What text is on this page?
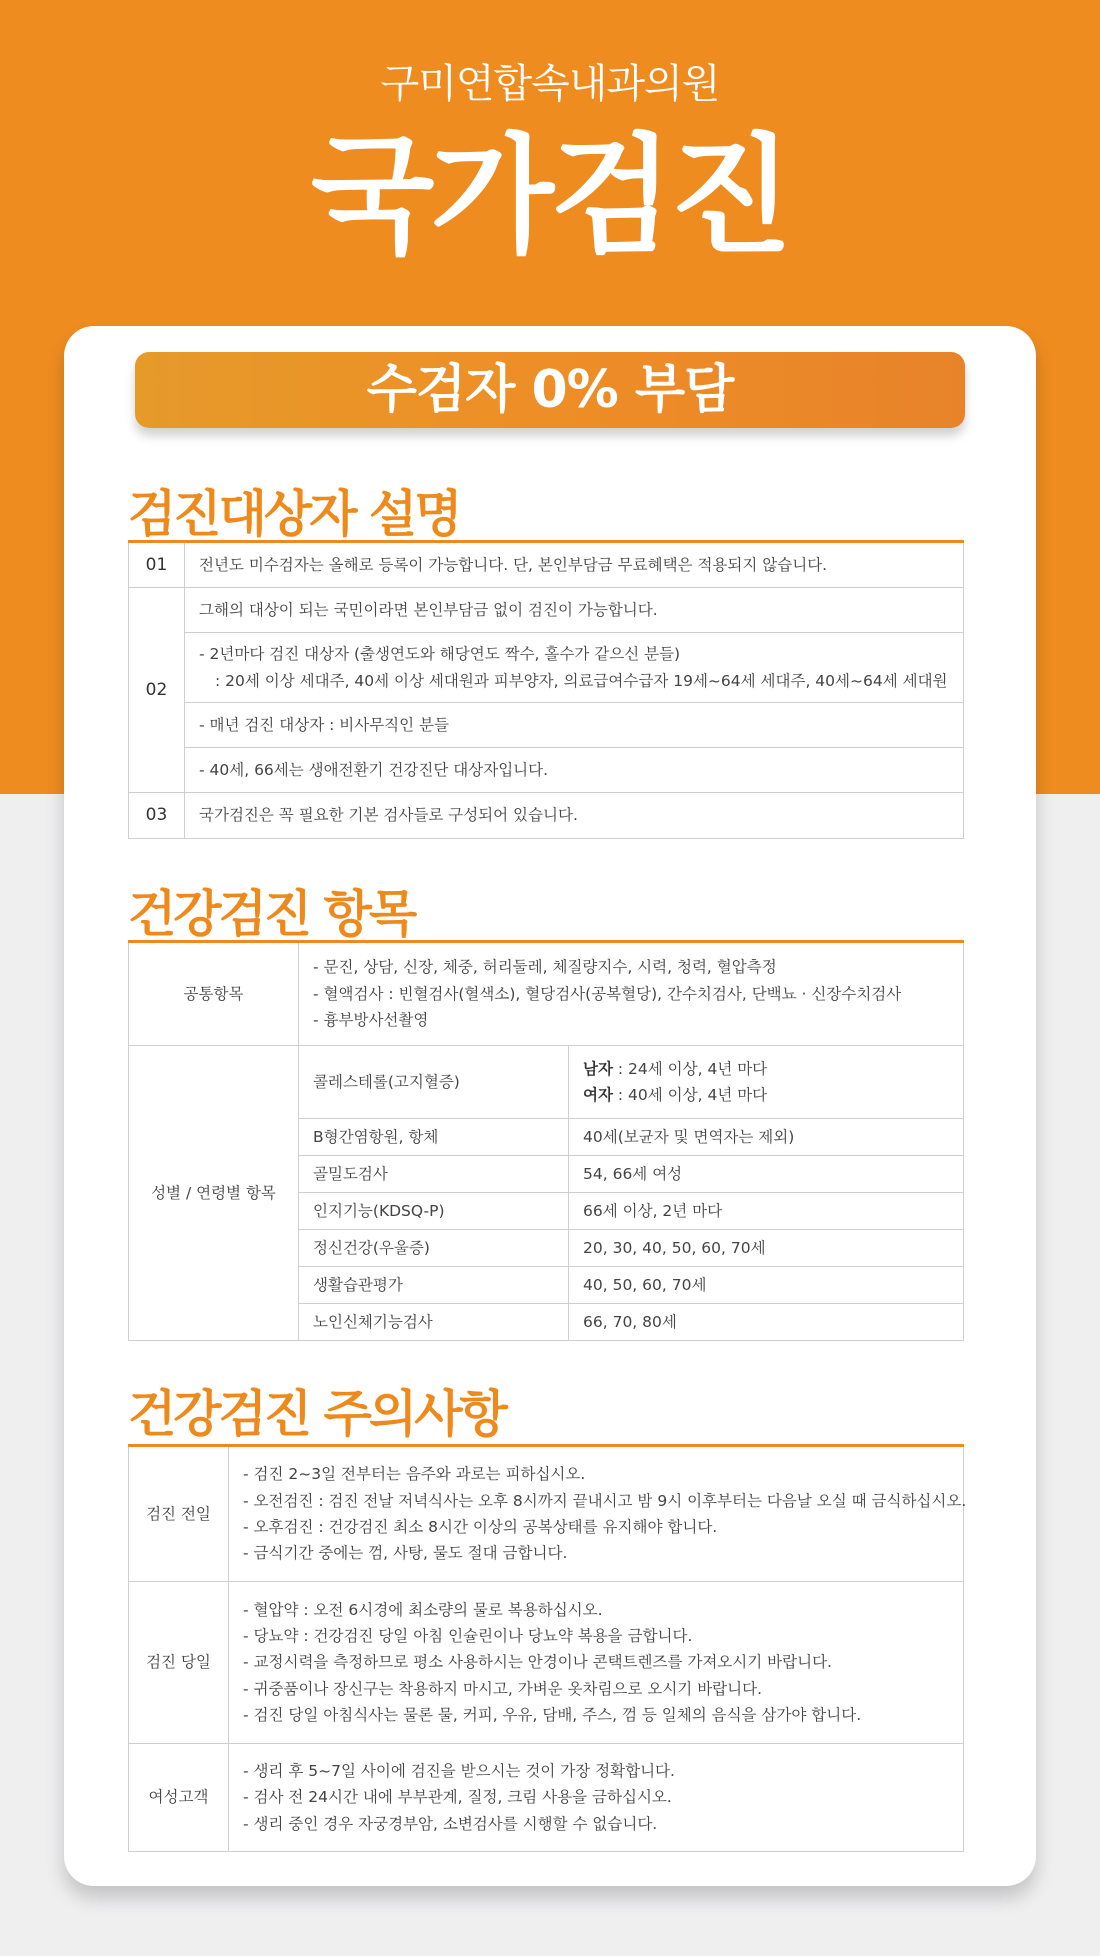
구미연합속내과의원
국가검진
수검자 0% 부담
검진대상자 설명
01	전년도 미수검자는 올해로 등록이 가능합니다. 단, 본인부담금 무료혜택은 적용되지 않습니다.
02	그해의 대상이 되는 국민이라면 본인부담금 없이 검진이 가능합니다.

	- 2년마다 검진 대상자 (출생연도와 해당연도 짝수, 홀수가 같으신 분들)
: 20세 이상 세대주, 40세 이상 세대원과 피부양자, 의료급여수급자 19세~64세 세대주, 40세~64세 세대원

	- 매년 검진 대상자 : 비사무직인 분들
	- 40세, 66세는 생애전환기 건강진단 대상자입니다.
03	국가검진은 꼭 필요한 기본 검사들로 구성되어 있습니다.
건강검진 항목
공통항목	- 문진, 상담, 신장, 체중, 허리둘레, 체질량지수, 시력, 청력, 혈압측정
- 혈액검사 : 빈혈검사(혈색소), 혈당검사(공복혈당), 간수치검사, 단백뇨 · 신장수치검사
- 흉부방사선촬영	

성별 / 연령별 항목	콜레스테롤(고지혈증)	남자 : 24세 이상, 4년 마다
여자 : 40세 이상, 4년 마다

	B형간염항원, 항체	40세(보균자 및 면역자는 제외)
	골밀도검사	54, 66세 여성
	인지기능(KDSQ-P)	66세 이상, 2년 마다
	정신건강(우울증)	20, 30, 40, 50, 60, 70세
	생활습관평가	40, 50, 60, 70세
	노인신체기능검사	66, 70, 80세
건강검진 주의사항
검진 전일	- 검진 2~3일 전부터는 음주와 과로는 피하십시오.
- 오전검진 : 검진 전날 저녁식사는 오후 8시까지 끝내시고 밤 9시 이후부터는 다음날 오실 때 금식하십시오.
- 오후검진 : 건강검진 최소 8시간 이상의 공복상태를 유지해야 합니다.
- 금식기간 중에는 껌, 사탕, 물도 절대 금합니다.

검진 당일	- 혈압약 : 오전 6시경에 최소량의 물로 복용하십시오.
- 당뇨약 : 건강검진 당일 아침 인슐린이나 당뇨약 복용을 금합니다.
- 교정시력을 측정하므로 평소 사용하시는 안경이나 콘택트렌즈를 가져오시기 바랍니다.
- 귀중품이나 장신구는 착용하지 마시고, 가벼운 옷차림으로 오시기 바랍니다.
- 검진 당일 아침식사는 물론 물, 커피, 우유, 담배, 주스, 껌 등 일체의 음식을 삼가야 합니다.

여성고객	- 생리 후 5~7일 사이에 검진을 받으시는 것이 가장 정확합니다.
- 검사 전 24시간 내에 부부관계, 질정, 크림 사용을 금하십시오.
- 생리 중인 경우 자궁경부암, 소변검사를 시행할 수 없습니다.
